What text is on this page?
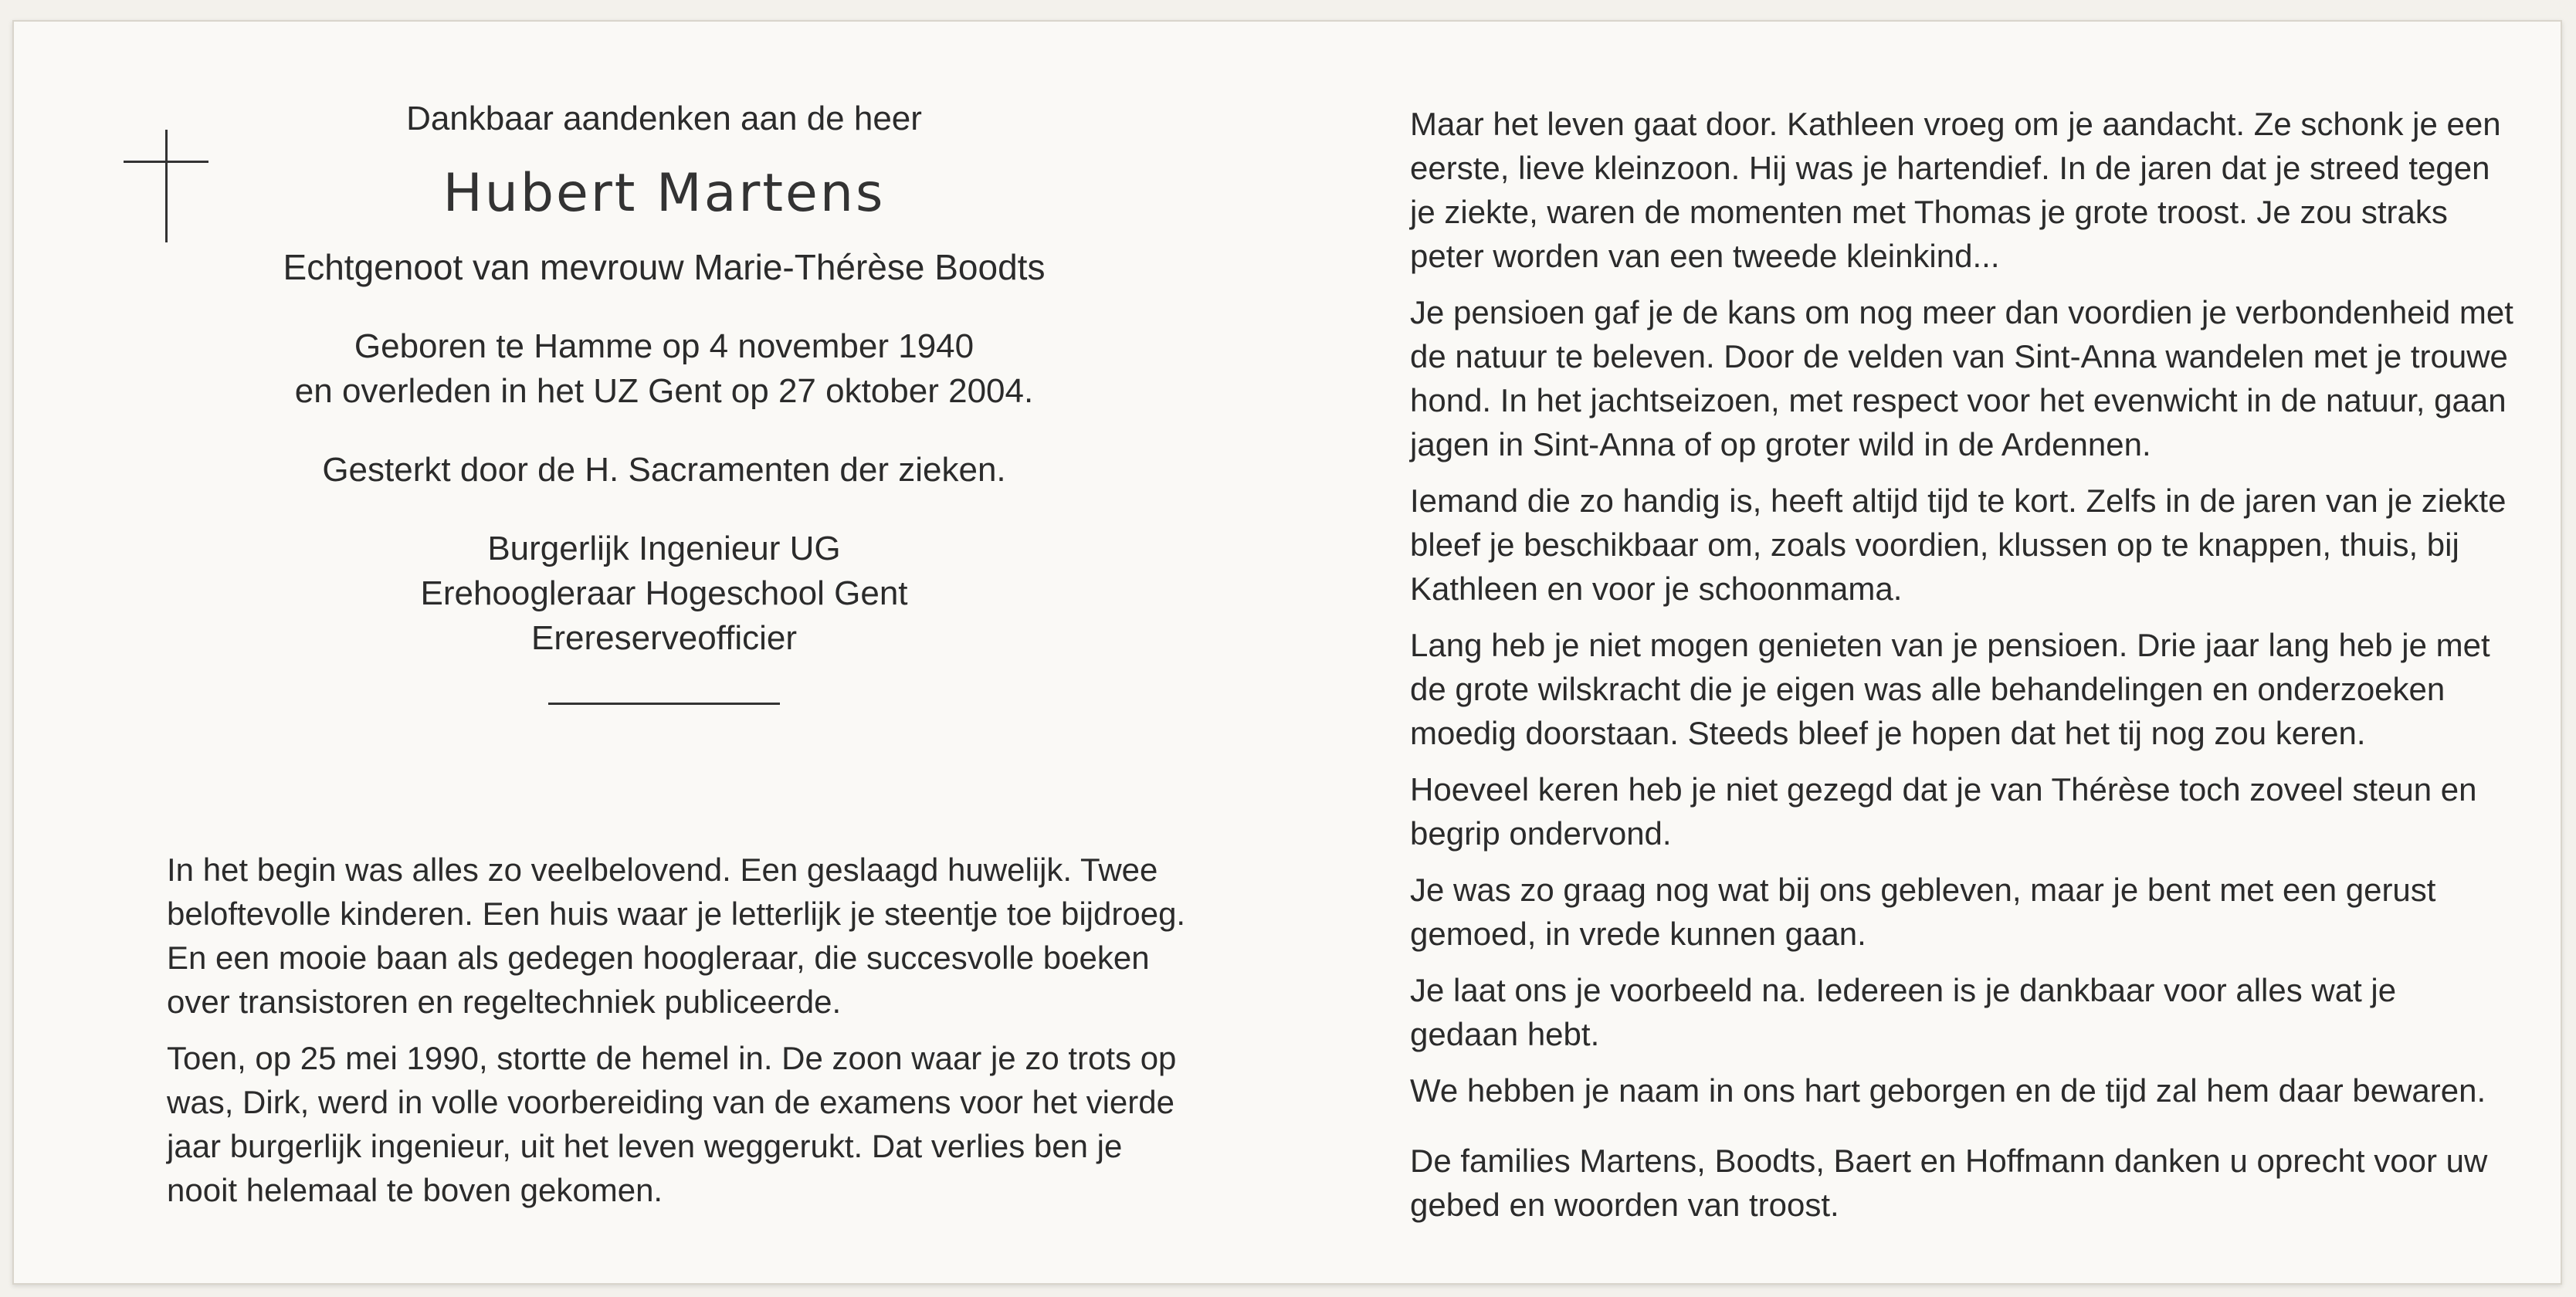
Dankbaar aandenken aan de heer
Hubert Martens
Echtgenoot van mevrouw Marie-Thérèse Boodts
Geboren te Hamme op 4 november 1940
en overleden in het UZ Gent op 27 oktober 2004.
Gesterkt door de H. Sacramenten der zieken.
Burgerlijk Ingenieur UG
Erehoogleraar Hogeschool Gent
Erereserveofficier

In het begin was alles zo veelbelovend. Een geslaagd huwelijk. Twee
beloftevolle kinderen. Een huis waar je letterlijk je steentje toe bijdroeg.
En een mooie baan als gedegen hoogleraar, die succesvolle boeken
over transistoren en regeltechniek publiceerde.

Toen, op 25 mei 1990, stortte de hemel in. De zoon waar je zo trots op
was, Dirk, werd in volle voorbereiding van de examens voor het vierde
jaar burgerlijk ingenieur, uit het leven weggerukt. Dat verlies ben je
nooit helemaal te boven gekomen.

Maar het leven gaat door. Kathleen vroeg om je aandacht. Ze schonk je een
eerste, lieve kleinzoon. Hij was je hartendief. In de jaren dat je streed tegen
je ziekte, waren de momenten met Thomas je grote troost. Je zou straks
peter worden van een tweede kleinkind...

Je pensioen gaf je de kans om nog meer dan voordien je verbondenheid met
de natuur te beleven. Door de velden van Sint-Anna wandelen met je trouwe
hond. In het jachtseizoen, met respect voor het evenwicht in de natuur, gaan
jagen in Sint-Anna of op groter wild in de Ardennen.

Iemand die zo handig is, heeft altijd tijd te kort. Zelfs in de jaren van je ziekte
bleef je beschikbaar om, zoals voordien, klussen op te knappen, thuis, bij
Kathleen en voor je schoonmama.

Lang heb je niet mogen genieten van je pensioen. Drie jaar lang heb je met
de grote wilskracht die je eigen was alle behandelingen en onderzoeken
moedig doorstaan. Steeds bleef je hopen dat het tij nog zou keren.

Hoeveel keren heb je niet gezegd dat je van Thérèse toch zoveel steun en
begrip ondervond.

Je was zo graag nog wat bij ons gebleven, maar je bent met een gerust
gemoed, in vrede kunnen gaan.

Je laat ons je voorbeeld na. Iedereen is je dankbaar voor alles wat je
gedaan hebt.

We hebben je naam in ons hart geborgen en de tijd zal hem daar bewaren.

De families Martens, Boodts, Baert en Hoffmann danken u oprecht voor uw
gebed en woorden van troost.
